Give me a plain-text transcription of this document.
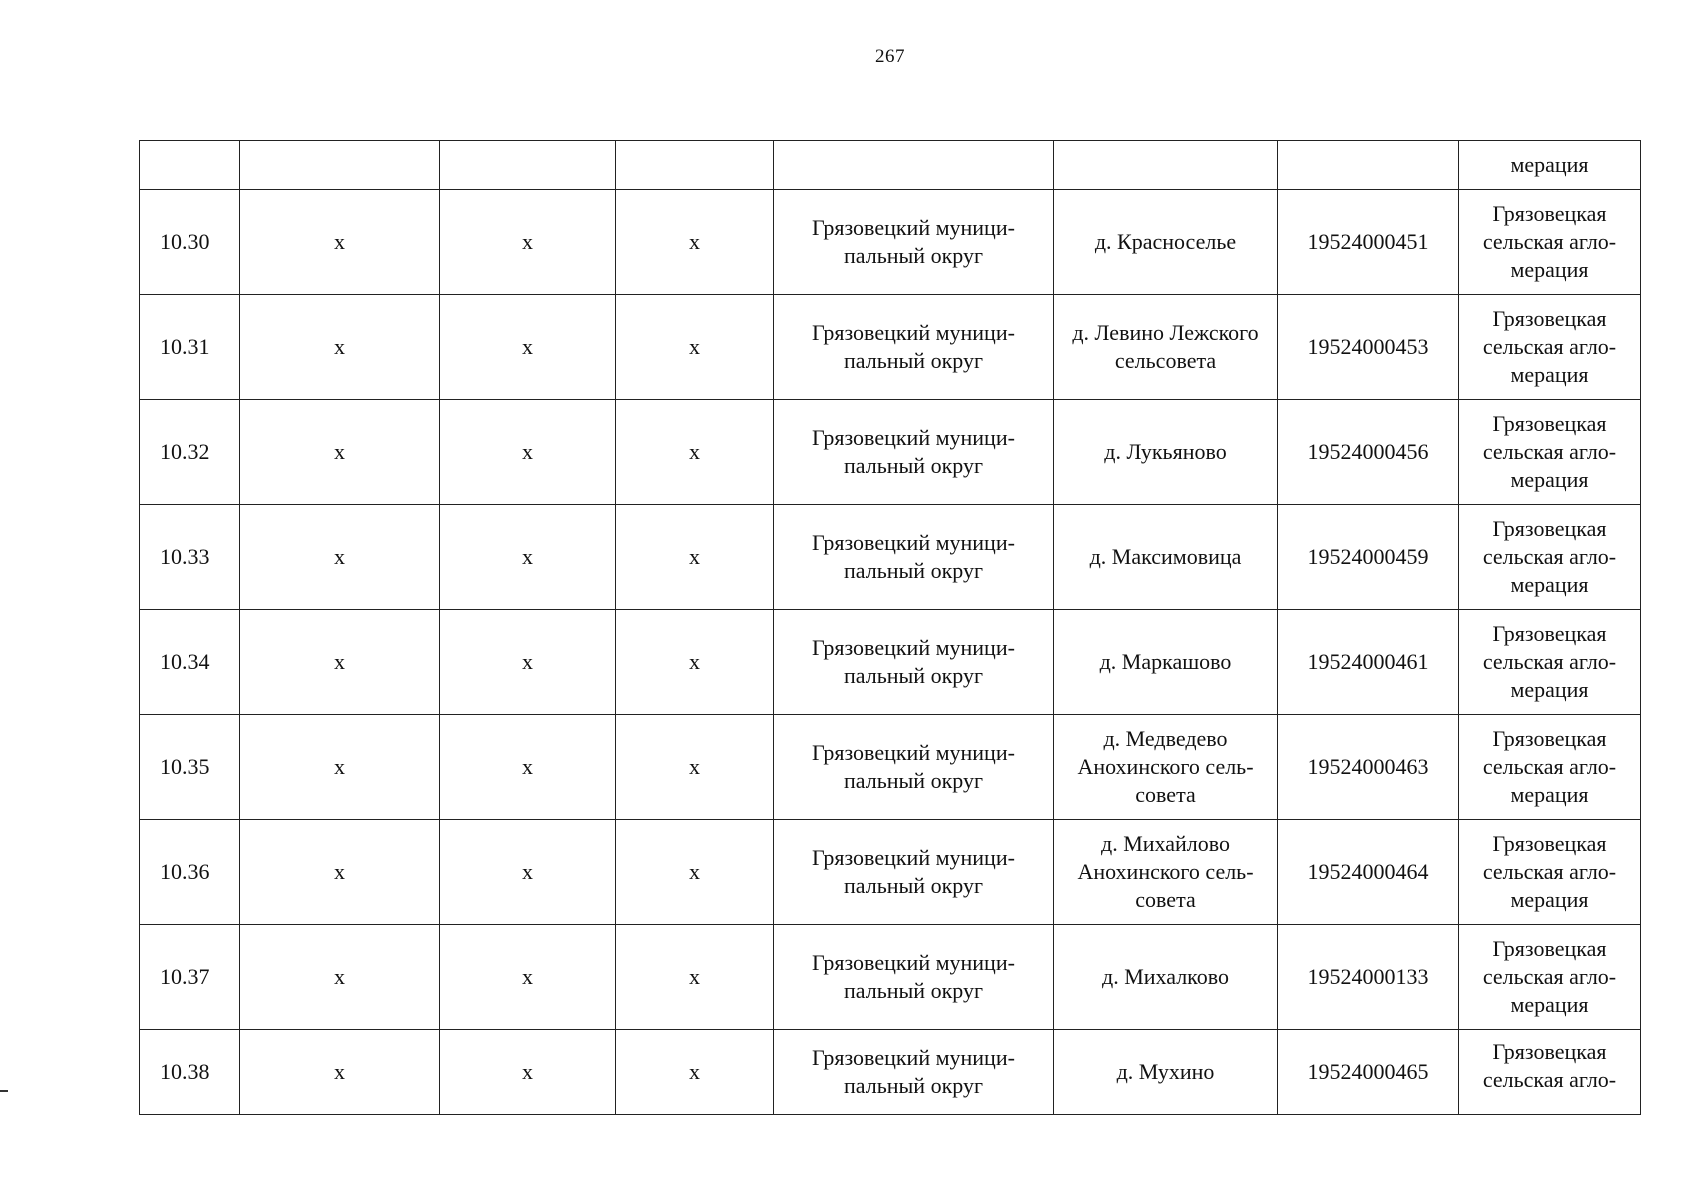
267
							мерация
10.30	х	х	х	Грязовецкий муници-
пальный округ	д. Красноселье	19524000451	Грязовецкая
сельская агло-
мерация
10.31	х	х	х	Грязовецкий муници-
пальный округ	д. Левино Лежского
сельсовета	19524000453	Грязовецкая
сельская агло-
мерация
10.32	х	х	х	Грязовецкий муници-
пальный округ	д. Лукьяново	19524000456	Грязовецкая
сельская агло-
мерация
10.33	х	х	х	Грязовецкий муници-
пальный округ	д. Максимовица	19524000459	Грязовецкая
сельская агло-
мерация
10.34	х	х	х	Грязовецкий муници-
пальный округ	д. Маркашово	19524000461	Грязовецкая
сельская агло-
мерация
10.35	х	х	х	Грязовецкий муници-
пальный округ	д. Медведево
Анохинского сель-
совета	19524000463	Грязовецкая
сельская агло-
мерация
10.36	х	х	х	Грязовецкий муници-
пальный округ	д. Михайлово
Анохинского сель-
совета	19524000464	Грязовецкая
сельская агло-
мерация
10.37	х	х	х	Грязовецкий муници-
пальный округ	д. Михалково	19524000133	Грязовецкая
сельская агло-
мерация
10.38	х	х	х	Грязовецкий муници-
пальный округ	д. Мухино	19524000465	Грязовецкая
сельская агло-
